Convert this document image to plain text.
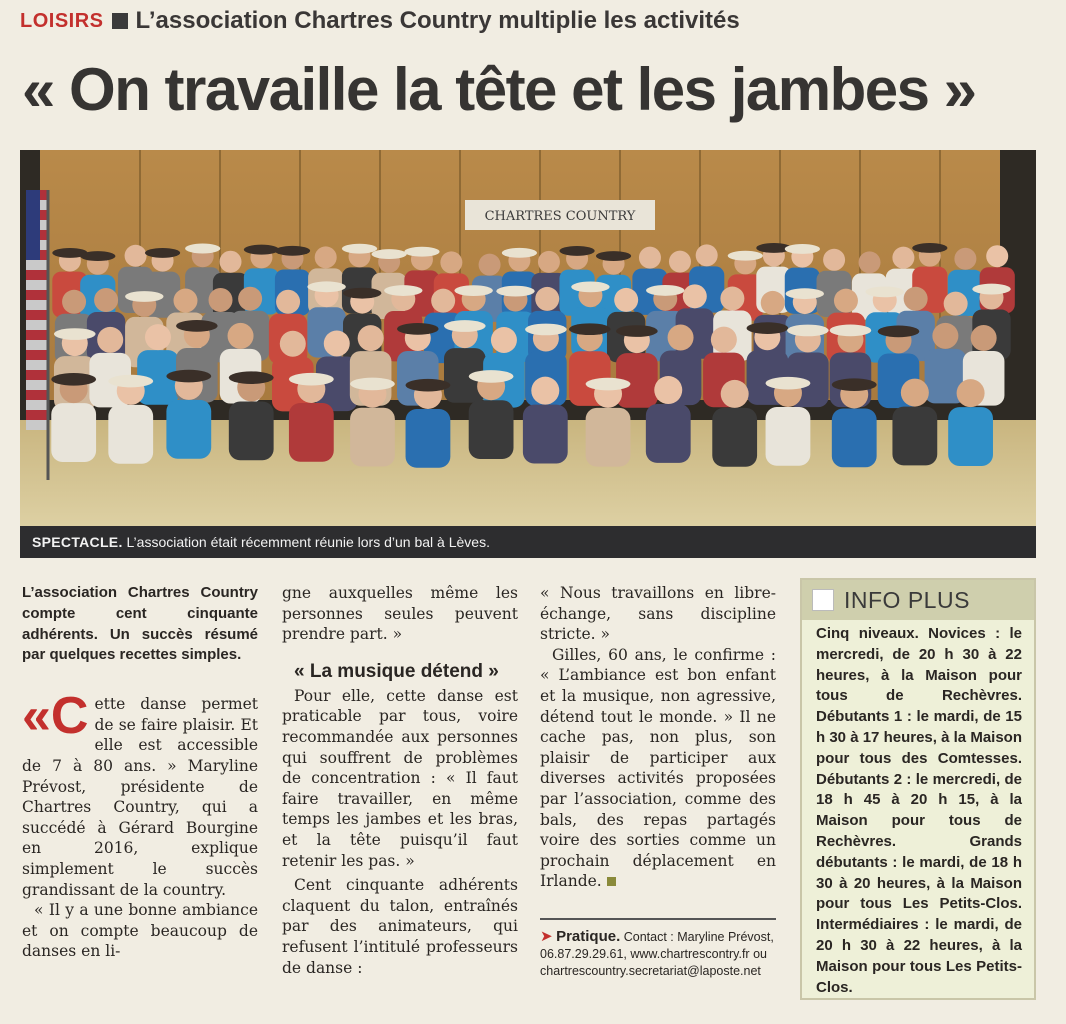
LOISIRS L’association Chartres Country multiplie les activités
« On travaille la tête et les jambes »
CHARTRES COUNTRY
SPECTACLE. L’association était récemment réunie lors d’un bal à Lèves.

L’association Chartres Country compte cent cinquante adhérents. Un succès résumé par quelques recettes simples.

«C ette danse permet de se faire plaisir. Et elle est accessible de 7 à 80 ans. » Maryline Prévost, présidente de Chartres Country, qui a succédé à Gérard Bourgine en 2016, explique simplement le succès grandissant de la country.

« Il y a une bonne ambiance et on compte beaucoup de danses en li-

gne auxquelles même les personnes seules peuvent prendre part. »

« La musique détend »

Pour elle, cette danse est praticable par tous, voire recommandée aux personnes qui souffrent de problèmes de concentration : « Il faut faire travailler, en même temps les jambes et les bras, et la tête puisqu’il faut retenir les pas. »

Cent cinquante adhérents claquent du talon, entraînés par des animateurs, qui refusent l’intitulé professeurs de danse :

« Nous travaillons en libre-échange, sans discipline stricte. »

Gilles, 60 ans, le confirme : « L’ambiance est bon enfant et la musique, non agressive, détend tout le monde. » Il ne cache pas, non plus, son plaisir de participer aux diverses activités proposées par l’association, comme des bals, des repas partagés voire des sorties comme un prochain déplacement en Irlande.

➤ Pratique. Contact : Maryline Prévost, 06.87.29.29.61, www.chartrescontry.fr ou chartrescountry.secretariat@laposte.net
INFO PLUS
Cinq niveaux. Novices : le mercredi, de 20 h 30 à 22 heures, à la Maison pour tous de Rechèvres. Débutants 1 : le mardi, de 15 h 30 à 17 heures, à la Maison pour tous des Comtesses. Débutants 2 : le mercredi, de 18 h 45 à 20 h 15, à la Maison pour tous de Rechèvres. Grands débutants : le mardi, de 18 h 30 à 20 heures, à la Maison pour tous Les Petits-Clos. Intermédiaires : le mardi, de 20 h 30 à 22 heures, à la Maison pour tous Les Petits-Clos.
